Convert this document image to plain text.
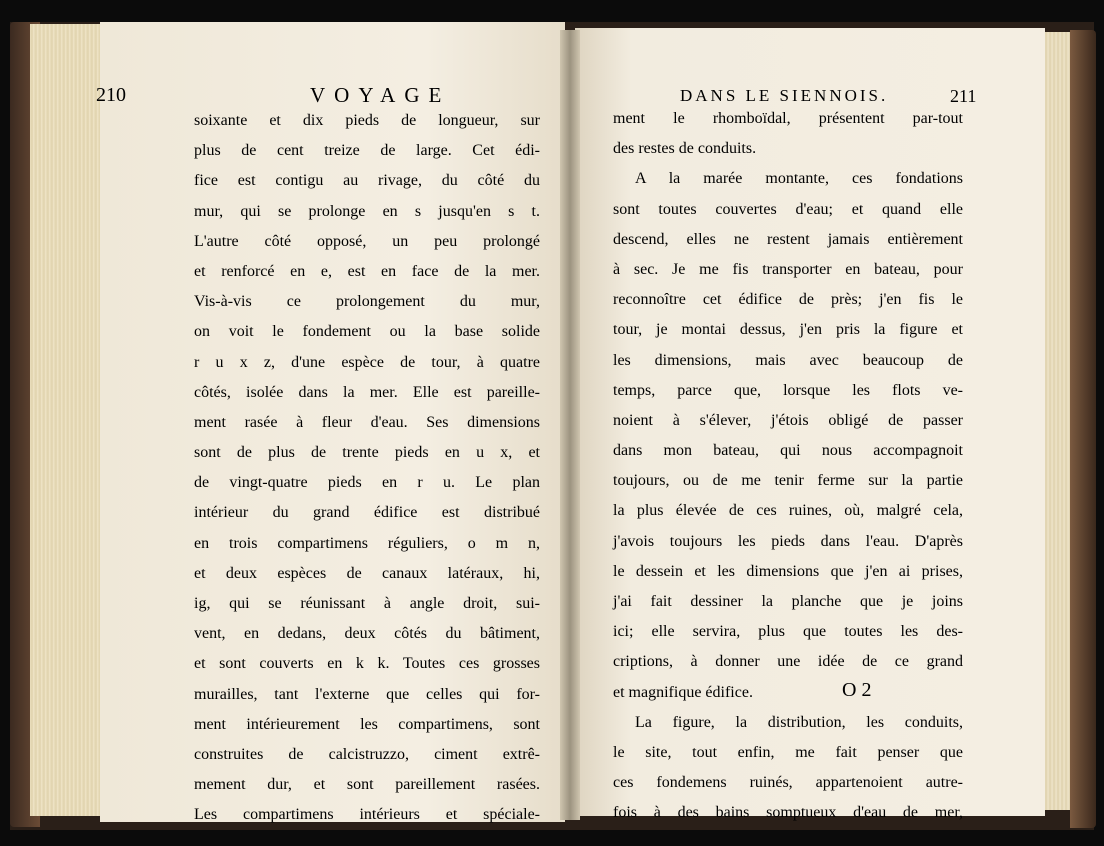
210	VOYAGE	DANS LE SIENNOIS.	211
soixante et dix pieds de longueur, sur
plus de cent treize de large. Cet édi-
fice est contigu au rivage, du côté du
mur, qui se prolonge en s jusqu'en s t.
L'autre côté opposé, un peu prolongé
et renforcé en e, est en face de la mer.
Vis-à-vis ce prolongement du mur,
on voit le fondement ou la base solide
r u x z, d'une espèce de tour, à quatre
côtés, isolée dans la mer. Elle est pareille-
ment rasée à fleur d'eau. Ses dimensions
sont de plus de trente pieds en u x, et
de vingt-quatre pieds en r u. Le plan
intérieur du grand édifice est distribué
en trois compartimens réguliers, o m n,
et deux espèces de canaux latéraux, hi,
ig, qui se réunissant à angle droit, sui-
vent, en dedans, deux côtés du bâtiment,
et sont couverts en k k. Toutes ces grosses
murailles, tant l'externe que celles qui for-
ment intérieurement les compartimens, sont
construites de calcistruzzo, ciment extrê-
mement dur, et sont pareillement rasées.
Les compartimens intérieurs et spéciale-
ment le rhomboïdal, présentent par-tout
des restes de conduits.
A la marée montante, ces fondations
sont toutes couvertes d'eau; et quand elle
descend, elles ne restent jamais entièrement
à sec. Je me fis transporter en bateau, pour
reconnoître cet édifice de près; j'en fis le
tour, je montai dessus, j'en pris la figure et
les dimensions, mais avec beaucoup de
temps, parce que, lorsque les flots ve-
noient à s'élever, j'étois obligé de passer
dans mon bateau, qui nous accompagnoit
toujours, ou de me tenir ferme sur la partie
la plus élevée de ces ruines, où, malgré cela,
j'avois toujours les pieds dans l'eau. D'après
le dessein et les dimensions que j'en ai prises,
j'ai fait dessiner la planche que je joins
ici; elle servira, plus que toutes les des-
criptions, à donner une idée de ce grand
et magnifique édifice.
La figure, la distribution, les conduits,
le site, tout enfin, me fait penser que
ces fondemens ruinés, appartenoient autre-
fois à des bains somptueux d'eau de mer,
O 2
